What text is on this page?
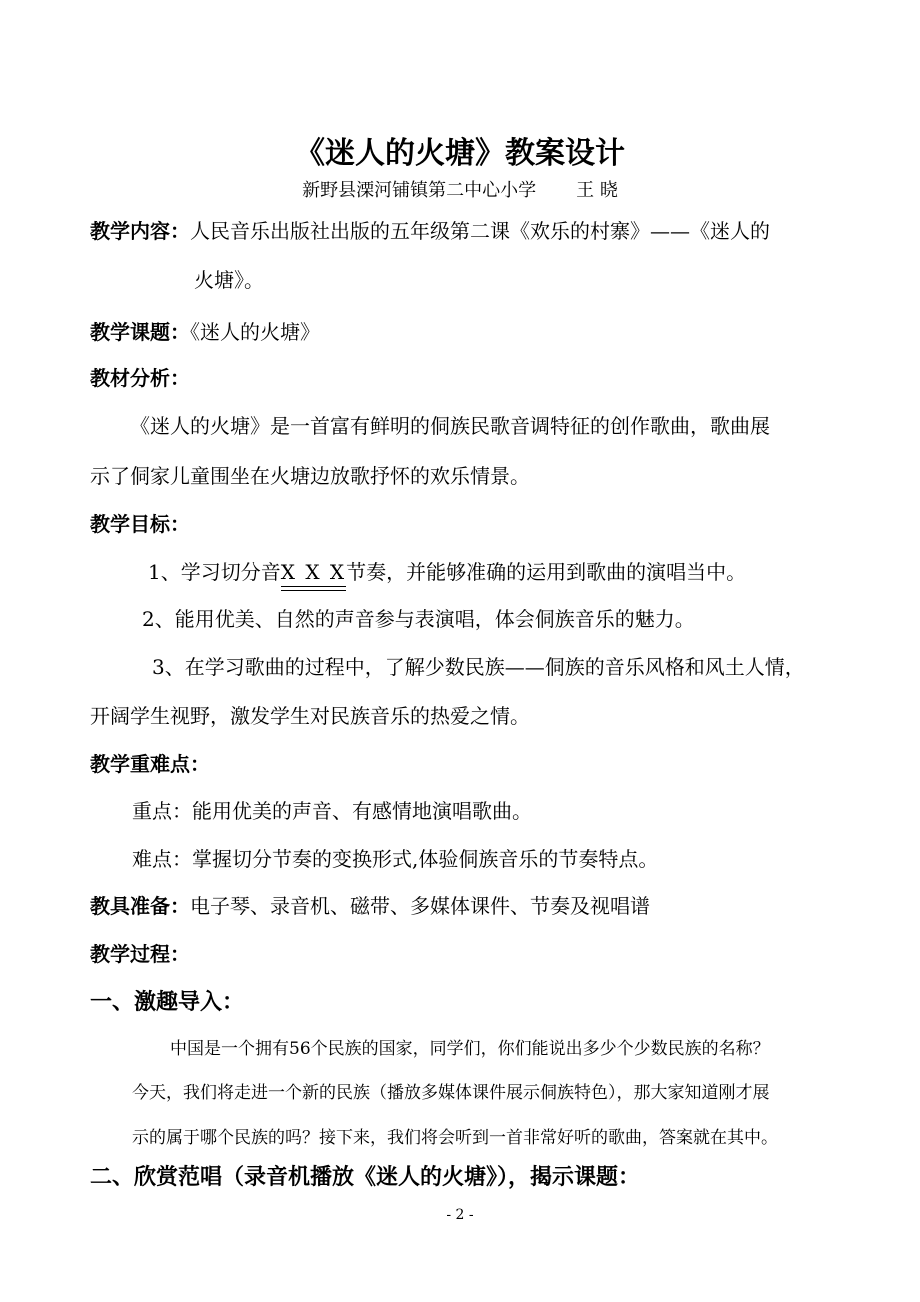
《迷人的火塘》教案设计
新野县溧河铺镇第二中心小学 王 晓
教学内容：人民音乐出版社出版的五年级第二课《欢乐的村寨》——《迷人的
火塘》。
教学课题：《迷人的火塘》
教材分析：
《迷人的火塘》是一首富有鲜明的侗族民歌音调特征的创作歌曲，歌曲展
示了侗家儿童围坐在火塘边放歌抒怀的欢乐情景。
教学目标：
1、学习切分音X X X
节奏，并能够准确的运用到歌曲的演唱当中。
2、能用优美、自然的声音参与表演唱，体会侗族音乐的魅力。
3、在学习歌曲的过程中，了解少数民族——侗族的音乐风格和风土人情，
开阔学生视野，激发学生对民族音乐的热爱之情。
教学重难点：
重点：能用优美的声音、有感情地演唱歌曲。
难点：掌握切分节奏的变换形式,体验侗族音乐的节奏特点。
教具准备：电子琴、录音机、磁带、多媒体课件、节奏及视唱谱
教学过程：
一、激趣导入：
中国是一个拥有56个民族的国家，同学们，你们能说出多少个少数民族的名称？
今天，我们将走进一个新的民族（播放多媒体课件展示侗族特色），那大家知道刚才展
示的属于哪个民族的吗？接下来，我们将会听到一首非常好听的歌曲，答案就在其中。
二、欣赏范唱（录音机播放《迷人的火塘》），揭示课题：
- 2 -
